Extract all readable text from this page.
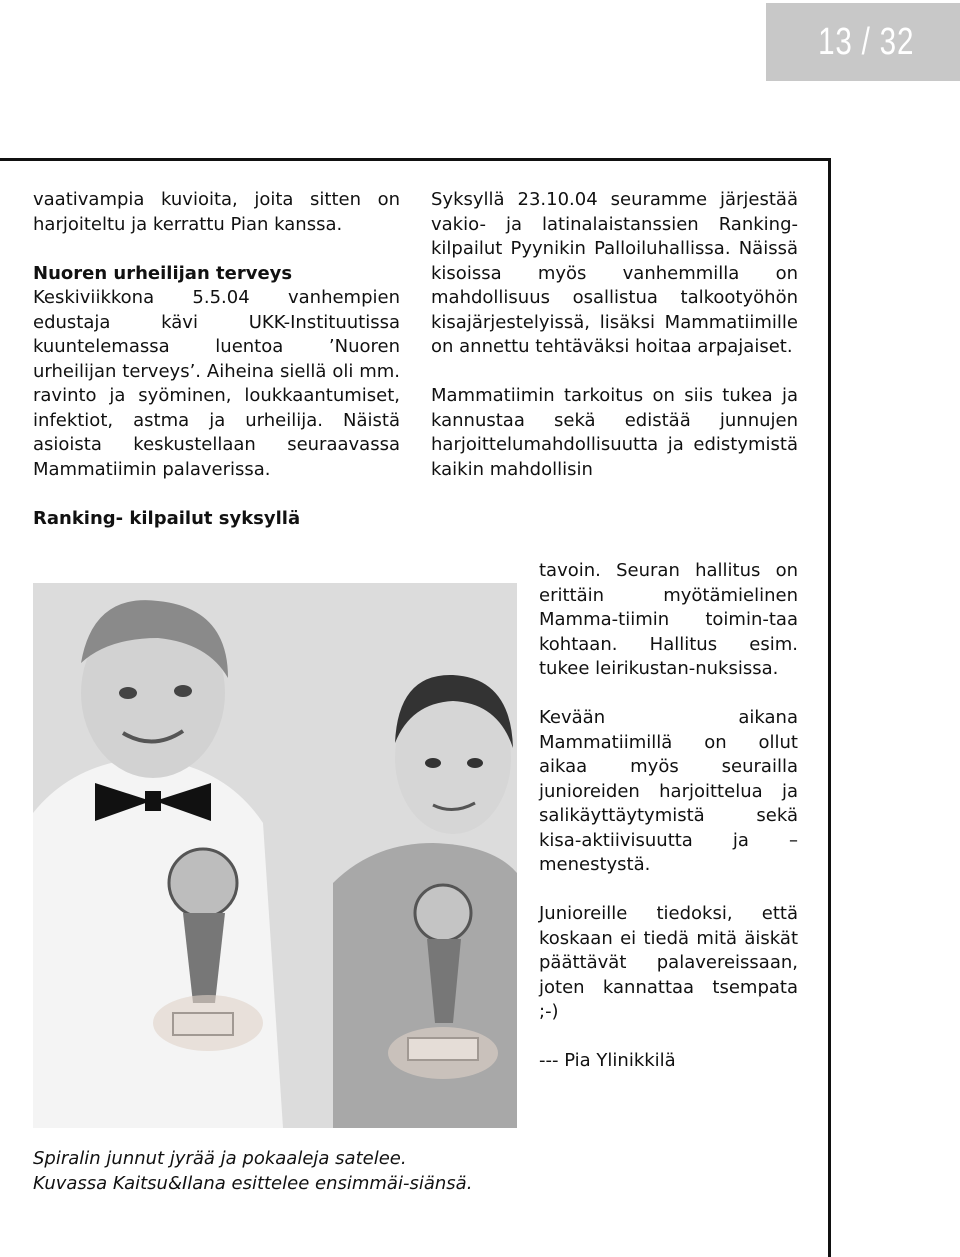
13 / 32

vaativampia kuvioita, joita sitten on harjoiteltu ja kerrattu Pian kanssa.

Nuoren urheilijan terveys

Keskiviikkona 5.5.04 vanhempien edustaja kävi UKK-Instituutissa kuuntelemassa luentoa ’Nuoren urheilijan terveys’. Aiheina siellä oli mm. ravinto ja syöminen, loukkaantumiset, infektiot, astma ja urheilija. Näistä asioista keskustellaan seuraavassa Mammatiimin palaverissa.

Ranking- kilpailut syksyllä

Syksyllä 23.10.04 seuramme järjestää vakio- ja latinalaistanssien Ranking-kilpailut Pyynikin Palloiluhallissa. Näissä kisoissa myös vanhemmilla on mahdollisuus osallistua talkootyöhön kisajärjestelyissä, lisäksi Mammatiimille on annettu tehtäväksi hoitaa arpajaiset.

Mammatiimin tarkoitus on siis tukea ja kannustaa sekä edistää junnujen harjoittelumahdollisuutta ja edistymistä kaikin mahdollisin

tavoin. Seuran hallitus on erittäin myötämielinen Mamma-tiimin toimin-taa kohtaan. Hallitus esim. tukee leirikustan-nuksissa.

Kevään aikana Mammatiimillä on ollut aikaa myös seurailla junioreiden harjoittelua ja salikäyttäytymistä sekä kisa-aktiivisuutta ja –menestystä.

Junioreille tiedoksi, että koskaan ei tiedä mitä äiskät päättävät palavereissaan, joten kannattaa tsempata ;-)

--- Pia Ylinikkilä

Spiralin junnut jyrää ja pokaaleja satelee.
Kuvassa Kaitsu&Ilana esittelee ensimmäi-siänsä.
